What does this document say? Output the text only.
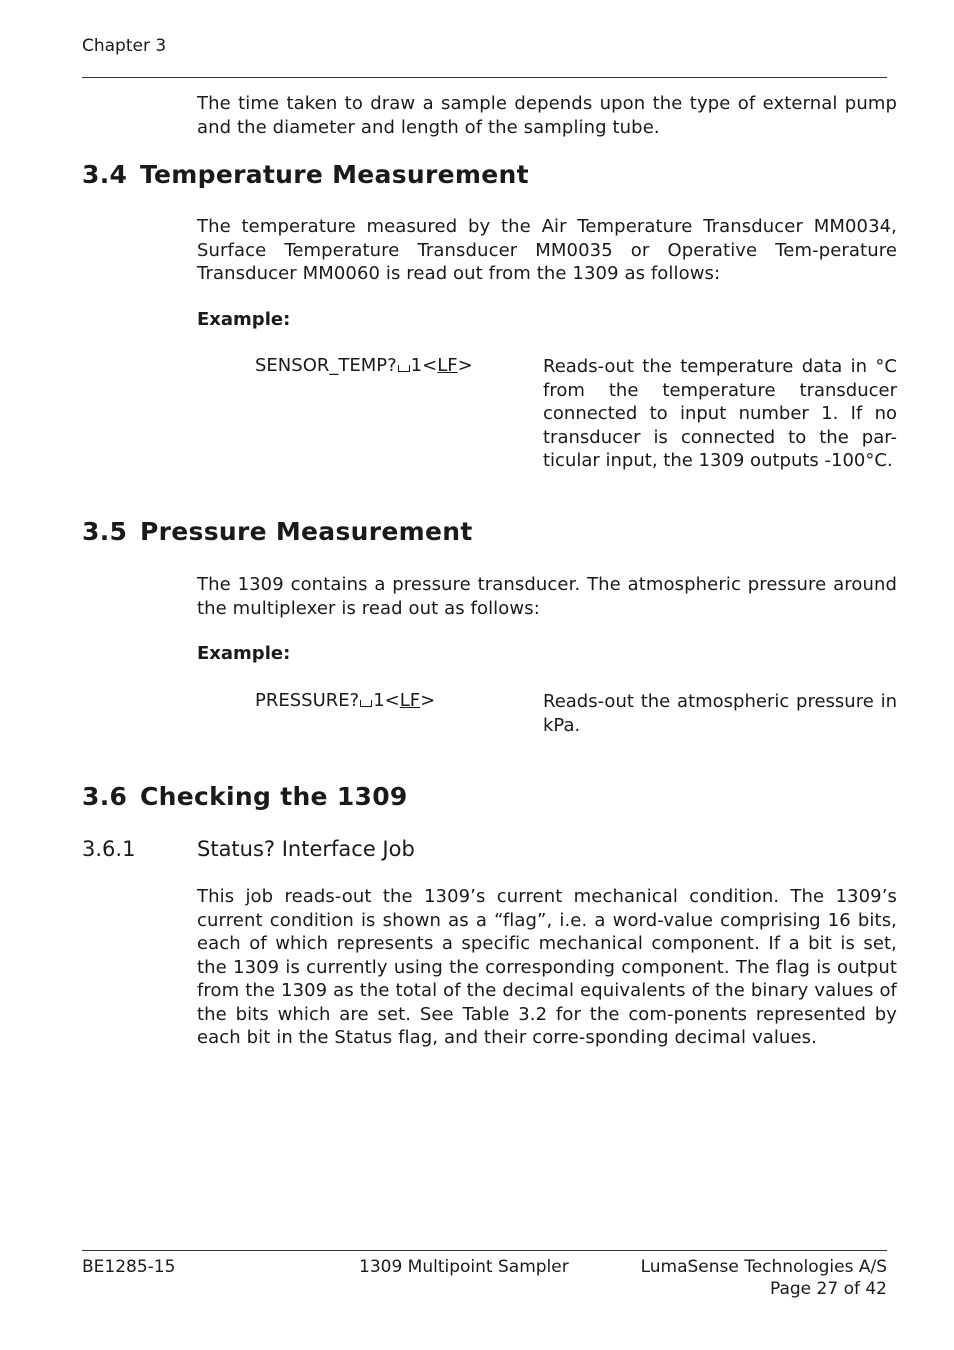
Chapter 3
The time taken to draw a sample depends upon the type of external pump and the diameter and length of the sampling tube.
3.4 Temperature Measurement
The temperature measured by the Air Temperature Transducer MM0034, Surface Temperature Transducer MM0035 or Operative Tem-perature Transducer MM0060 is read out from the 1309 as follows:
Example:
SENSOR_TEMP? 1<LF>	Reads-out the temperature data in °C from the temperature transducer connected to input number 1. If no transducer is connected to the par-ticular input, the 1309 outputs -100°C.
3.5 Pressure Measurement
The 1309 contains a pressure transducer. The atmospheric pressure around the multiplexer is read out as follows:
Example:
PRESSURE? 1<LF>	Reads-out the atmospheric pressure in kPa.
3.6 Checking the 1309
3.6.1	Status? Interface Job
This job reads-out the 1309’s current mechanical condition. The 1309’s current condition is shown as a “flag”, i.e. a word-value comprising 16 bits, each of which represents a specific mechanical component. If a bit is set, the 1309 is currently using the corresponding component. The flag is output from the 1309 as the total of the decimal equivalents of the binary values of the bits which are set. See Table 3.2 for the com-ponents represented by each bit in the Status flag, and their corre-sponding decimal values.
BE1285-15	1309 Multipoint Sampler	LumaSense Technologies A/S
Page 27 of 42
